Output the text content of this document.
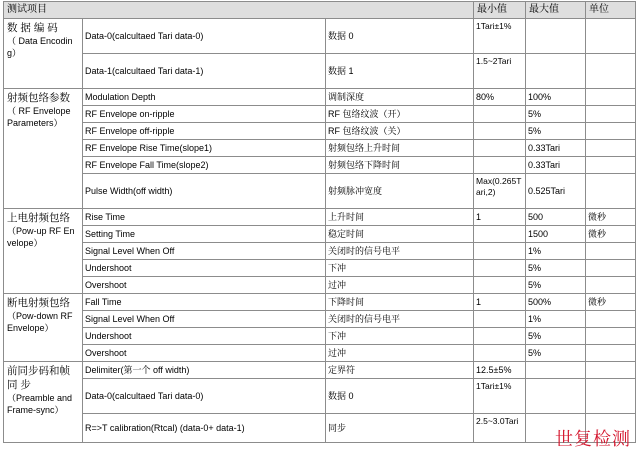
测试项目			最小值	最大值	单位

数 据 编 码
（ Data Encoding）	Data-0(calcultaed Tari data-0)	数据 0	1Tari±1%		
	Data-1(calcultaed Tari data-1)	数据 1	1.5~2Tari		

射频包络参数
（ RF Envelope Parameters）	Modulation Depth	调制深度	80%	100%	
	RF Envelope on-ripple	RF 包络纹波（开）		5%	
	RF Envelope off-ripple	RF 包络纹波（关）		5%	
	RF Envelope Rise Time(slope1)	射频包络上升时间		0.33Tari	
	RF Envelope Fall Time(slope2)	射频包络下降时间		0.33Tari	
	Pulse Width(off width)	射频脉冲宽度	Max(0.265Tari,2)	0.525Tari	

上电射频包络
（Pow-up RF Envelope）	Rise Time	上升时间	1	500	微秒
	Setting Time	稳定时间		1500	微秒
	Signal Level When Off	关闭时的信号电平		1%	
	Undershoot	下冲		5%	
	Overshoot	过冲		5%	

断电射频包络
（Pow-down RF Envelope）	Fall Time	下降时间	1	500%	微秒
	Signal Level When Off	关闭时的信号电平		1%	
	Undershoot	下冲		5%	
	Overshoot	过冲		5%	

前同步码和帧 同 步
（Preamble and Frame-sync）	Delimiter(第一个 off width)	定界符	12.5±5%		
	Data-0(calcultaed Tari data-0)	数据 0	1Tari±1%		
	R=>T calibration(Rtcal) (data-0+ data-1)	同步	2.5~3.0Tari		
世复检测
